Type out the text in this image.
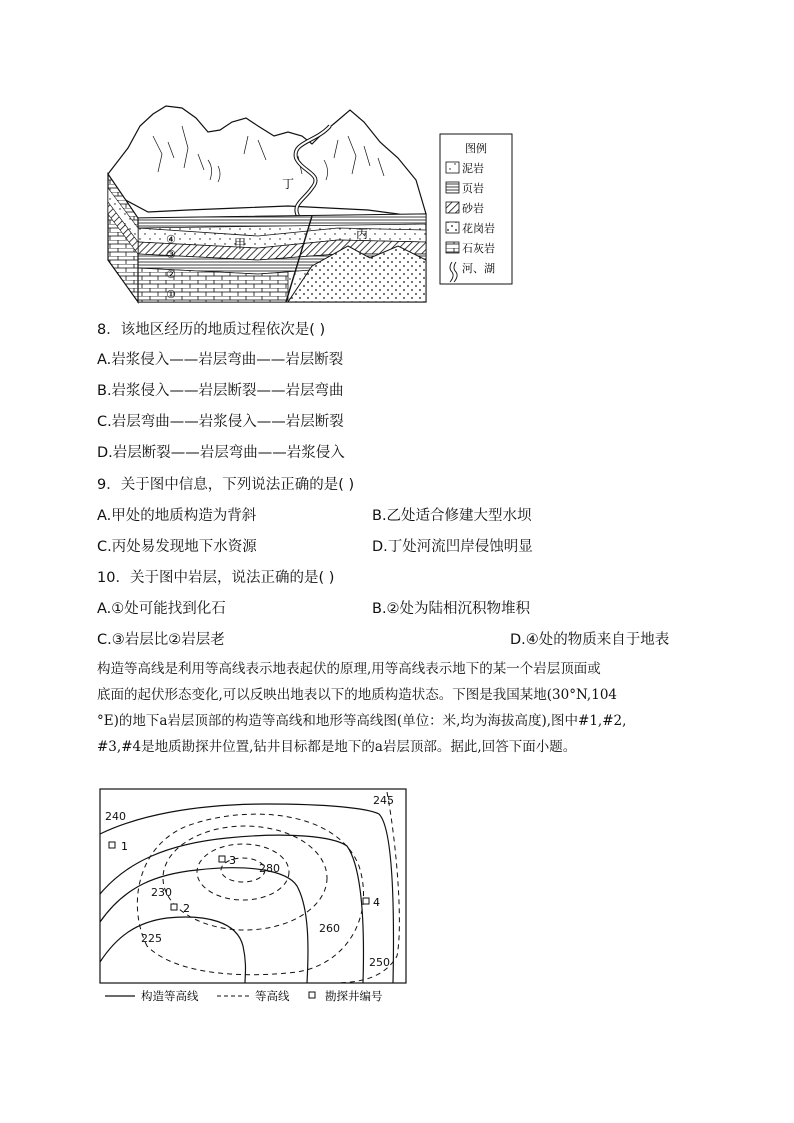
图例
泥岩
页岩
砂岩
花岗岩
石灰岩
河、湖
丁
甲
丙
④
③
②
①
8．该地区经历的地质过程依次是( )
A.岩浆侵入——岩层弯曲——岩层断裂
B.岩浆侵入——岩层断裂——岩层弯曲
C.岩层弯曲——岩浆侵入——岩层断裂
D.岩层断裂——岩层弯曲——岩浆侵入
9．关于图中信息，下列说法正确的是( )
A.甲处的地质构造为背斜	B.乙处适合修建大型水坝
C.丙处易发现地下水资源	D.丁处河流凹岸侵蚀明显
10．关于图中岩层，说法正确的是( )
A.①处可能找到化石	B.②处为陆相沉积物堆积
C.③岩层比②岩层老	D.④处的物质来自于地表
构造等高线是利用等高线表示地表起伏的原理,用等高线表示地下的某一个岩层顶面或
底面的起伏形态变化,可以反映出地表以下的地质构造状态。下图是我国某地(30°N,104
°E)的地下a岩层顶部的构造等高线和地形等高线图(单位：米,均为海拔高度),图中#1,#2,
#3,#4是地质勘探井位置,钻井目标都是地下的a岩层顶部。据此,回答下面小题。
240
245
280
230
260
225
250
1
2
3
4
构造等高线	等高线	勘探井编号
